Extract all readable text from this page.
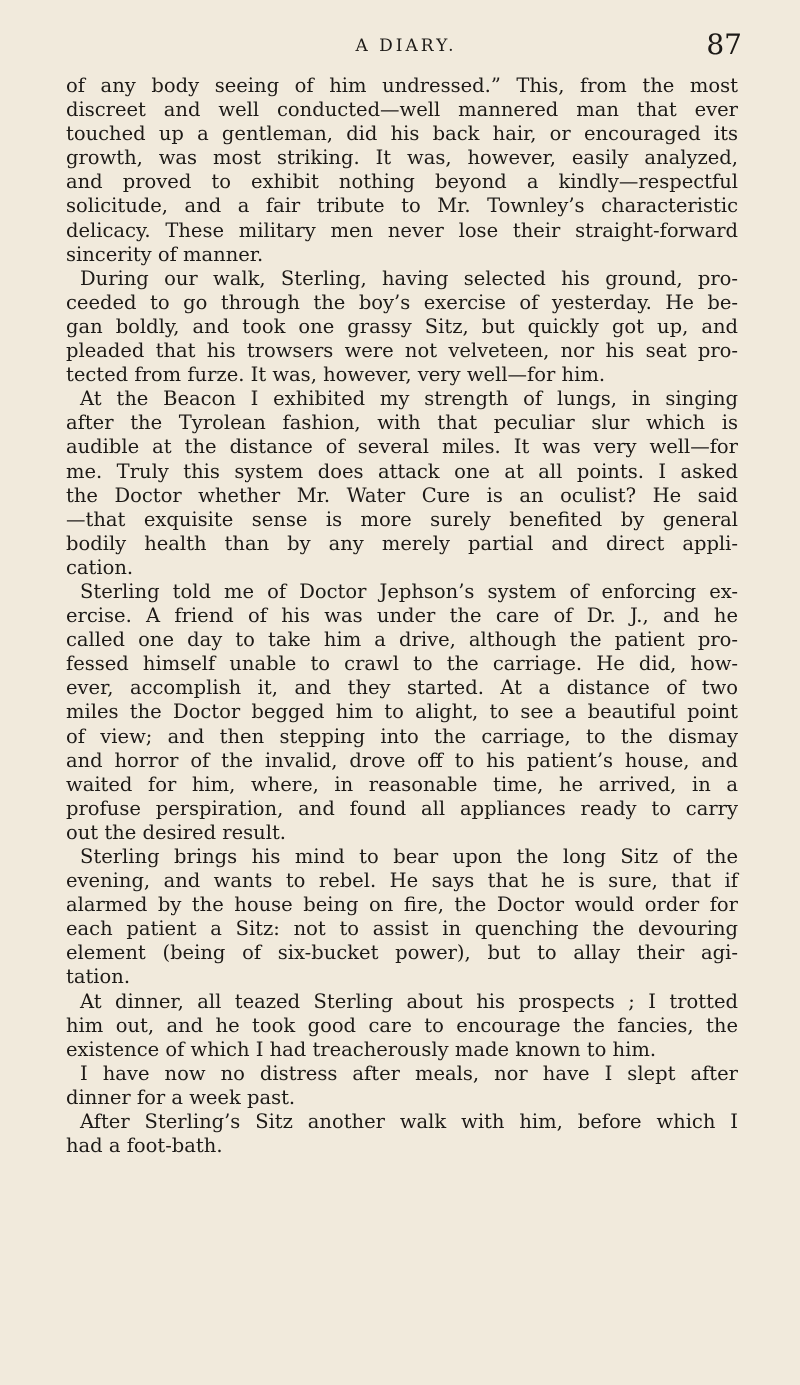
A DIARY.	87
of any body seeing of him undressed.” This, from the most
discreet and well conducted—well mannered man that ever
touched up a gentleman, did his back hair, or encouraged its
growth, was most striking. It was, however, easily analyzed,
and proved to exhibit nothing beyond a kindly—respectful
solicitude, and a fair tribute to Mr. Townley’s characteristic
delicacy. These military men never lose their straight-forward
sincerity of manner.
During our walk, Sterling, having selected his ground, pro-
ceeded to go through the boy’s exercise of yesterday. He be-
gan boldly, and took one grassy Sitz, but quickly got up, and
pleaded that his trowsers were not velveteen, nor his seat pro-
tected from furze. It was, however, very well—for him.
At the Beacon I exhibited my strength of lungs, in singing
after the Tyrolean fashion, with that peculiar slur which is
audible at the distance of several miles. It was very well—for
me. Truly this system does attack one at all points. I asked
the Doctor whether Mr. Water Cure is an oculist? He said
—that exquisite sense is more surely benefited by general
bodily health than by any merely partial and direct appli-
cation.
Sterling told me of Doctor Jephson’s system of enforcing ex-
ercise. A friend of his was under the care of Dr. J., and he
called one day to take him a drive, although the patient pro-
fessed himself unable to crawl to the carriage. He did, how-
ever, accomplish it, and they started. At a distance of two
miles the Doctor begged him to alight, to see a beautiful point
of view; and then stepping into the carriage, to the dismay
and horror of the invalid, drove off to his patient’s house, and
waited for him, where, in reasonable time, he arrived, in a
profuse perspiration, and found all appliances ready to carry
out the desired result.
Sterling brings his mind to bear upon the long Sitz of the
evening, and wants to rebel. He says that he is sure, that if
alarmed by the house being on fire, the Doctor would order for
each patient a Sitz: not to assist in quenching the devouring
element (being of six-bucket power), but to allay their agi-
tation.
At dinner, all teazed Sterling about his prospects ; I trotted
him out, and he took good care to encourage the fancies, the
existence of which I had treacherously made known to him.
I have now no distress after meals, nor have I slept after
dinner for a week past.
After Sterling’s Sitz another walk with him, before which I
had a foot-bath.
